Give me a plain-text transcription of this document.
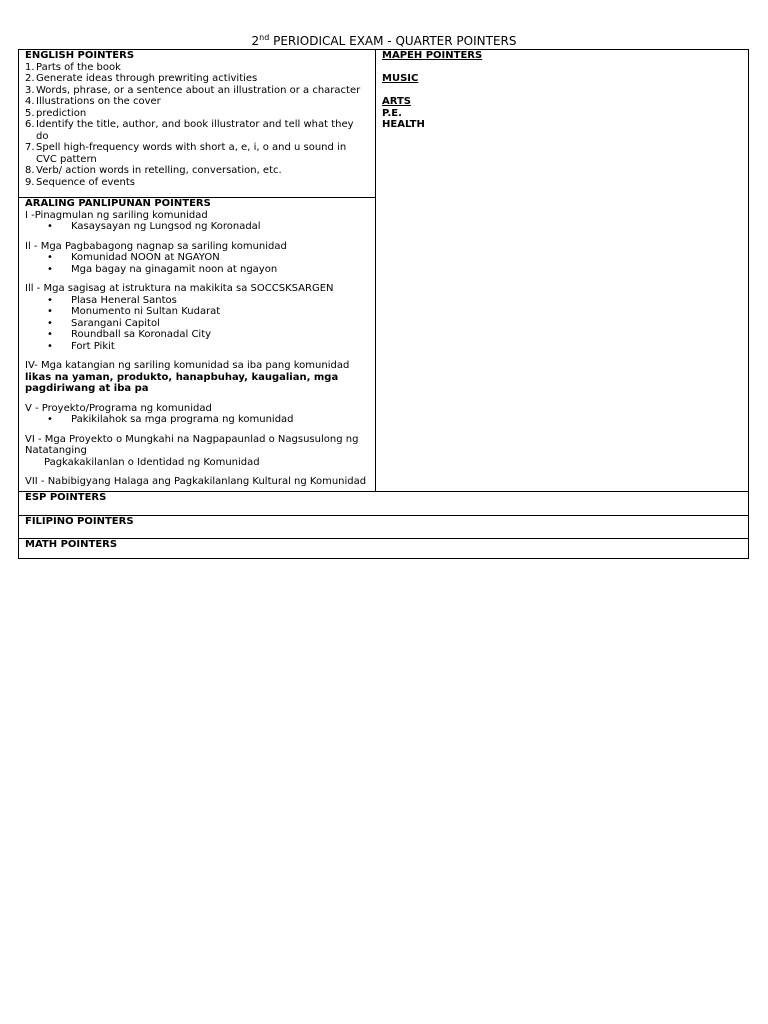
2nd PERIODICAL EXAM - QUARTER POINTERS
ENGLISH POINTERS
1. Parts of the book
2. Generate ideas through prewriting activities
3. Words, phrase, or a sentence about an illustration or a character
4. Illustrations on the cover
5. prediction
6. Identify the title, author, and book illustrator and tell what they do
7. Spell high-frequency words with short a, e, i, o and u sound in CVC pattern
8. Verb/ action words in retelling, conversation, etc.
9. Sequence of events
ARALING PANLIPUNAN POINTERS
I -Pinagmulan ng sariling komunidad
• Kasaysayan ng Lungsod ng Koronadal
Il - Mga Pagbabagong nagnap sa sariling komunidad
• Komunidad NOON at NGAYON
• Mga bagay na ginagamit noon at ngayon
Ill - Mga sagisag at istruktura na makikita sa SOCCSKSARGEN
• Plasa Heneral Santos
• Monumento ni Sultan Kudarat
• Sarangani Capitol
• Roundball sa Koronadal City
• Fort Pikit
IV- Mga katangian ng sariling komunidad sa iba pang komunidad
likas na yaman, produkto, hanapbuhay, kaugalian, mga pagdiriwang at iba pa
V - Proyekto/Programa ng komunidad
• Pakikilahok sa mga programa ng komunidad
VI - Mga Proyekto o Mungkahi na Nagpapaunlad o Nagsusulong ng Natatanging
Pagkakakilanlan o Identidad ng Komunidad
VII - Nabibigyang Halaga ang Pagkakilanlang Kultural ng Komunidad
MAPEH POINTERS
MUSIC
ARTS
P.E.
HEALTH
ESP POINTERS
FILIPINO POINTERS
MATH POINTERS
